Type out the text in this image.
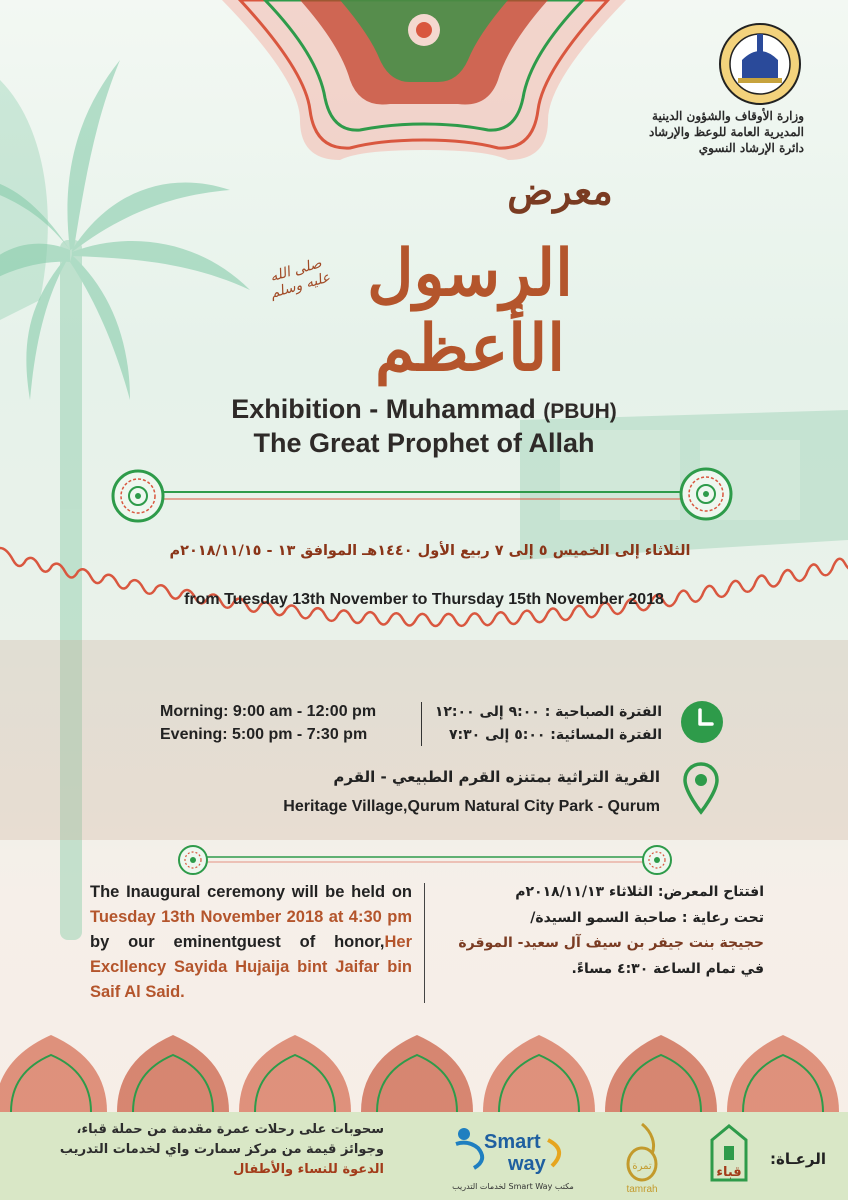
وزارة الأوقاف والشؤون الدينية
المديرية العامة للوعظ والإرشاد
دائرة الإرشاد النسوي
معرض
الرسول الأعظم
صلى الله عليه وسلم
Exhibition - Muhammad (PBUH)
The Great Prophet of Allah
الثلاثاء إلى الخميس ٥ إلى ٧ ربيع الأول ١٤٤٠هـ الموافق ١٣ - ٢٠١٨/١١/١٥م
from Tuesday 13th November to Thursday 15th November 2018
Morning: 9:00 am - 12:00 pm
Evening: 5:00 pm - 7:30 pm
الفترة الصباحية : ٩:٠٠ إلى ١٢:٠٠
الفترة المسائية: ٥:٠٠ إلى ٧:٣٠
القرية التراثية بمتنزه القرم الطبيعي - القرم
Heritage Village,Qurum Natural City Park - Qurum
The Inaugural ceremony will be held on Tuesday 13th November 2018 at 4:30 pm by our eminentguest of honor,Her Excllency Sayida Hujaija bint Jaifar bin Saif Al Said.
افتتاح المعرض: الثلاثاء ٢٠١٨/١١/١٣م
تحت رعاية : صاحبة السمو السيدة/
حجيجة بنت جيفر بن سيف آل سعيد- الموقرة
في تمام الساعة ٤:٣٠ مساءً.
سحوبات على رحلات عمرة مقدمة من حملة قباء،
وجوائز قيمة من مركز سمارت واي لخدمات التدريب
الدعوة للنساء والأطفال
Smart
way
مكتب Smart Way لخدمات التدريب
تمرة
tamrah
قباء
الرعـاة:
